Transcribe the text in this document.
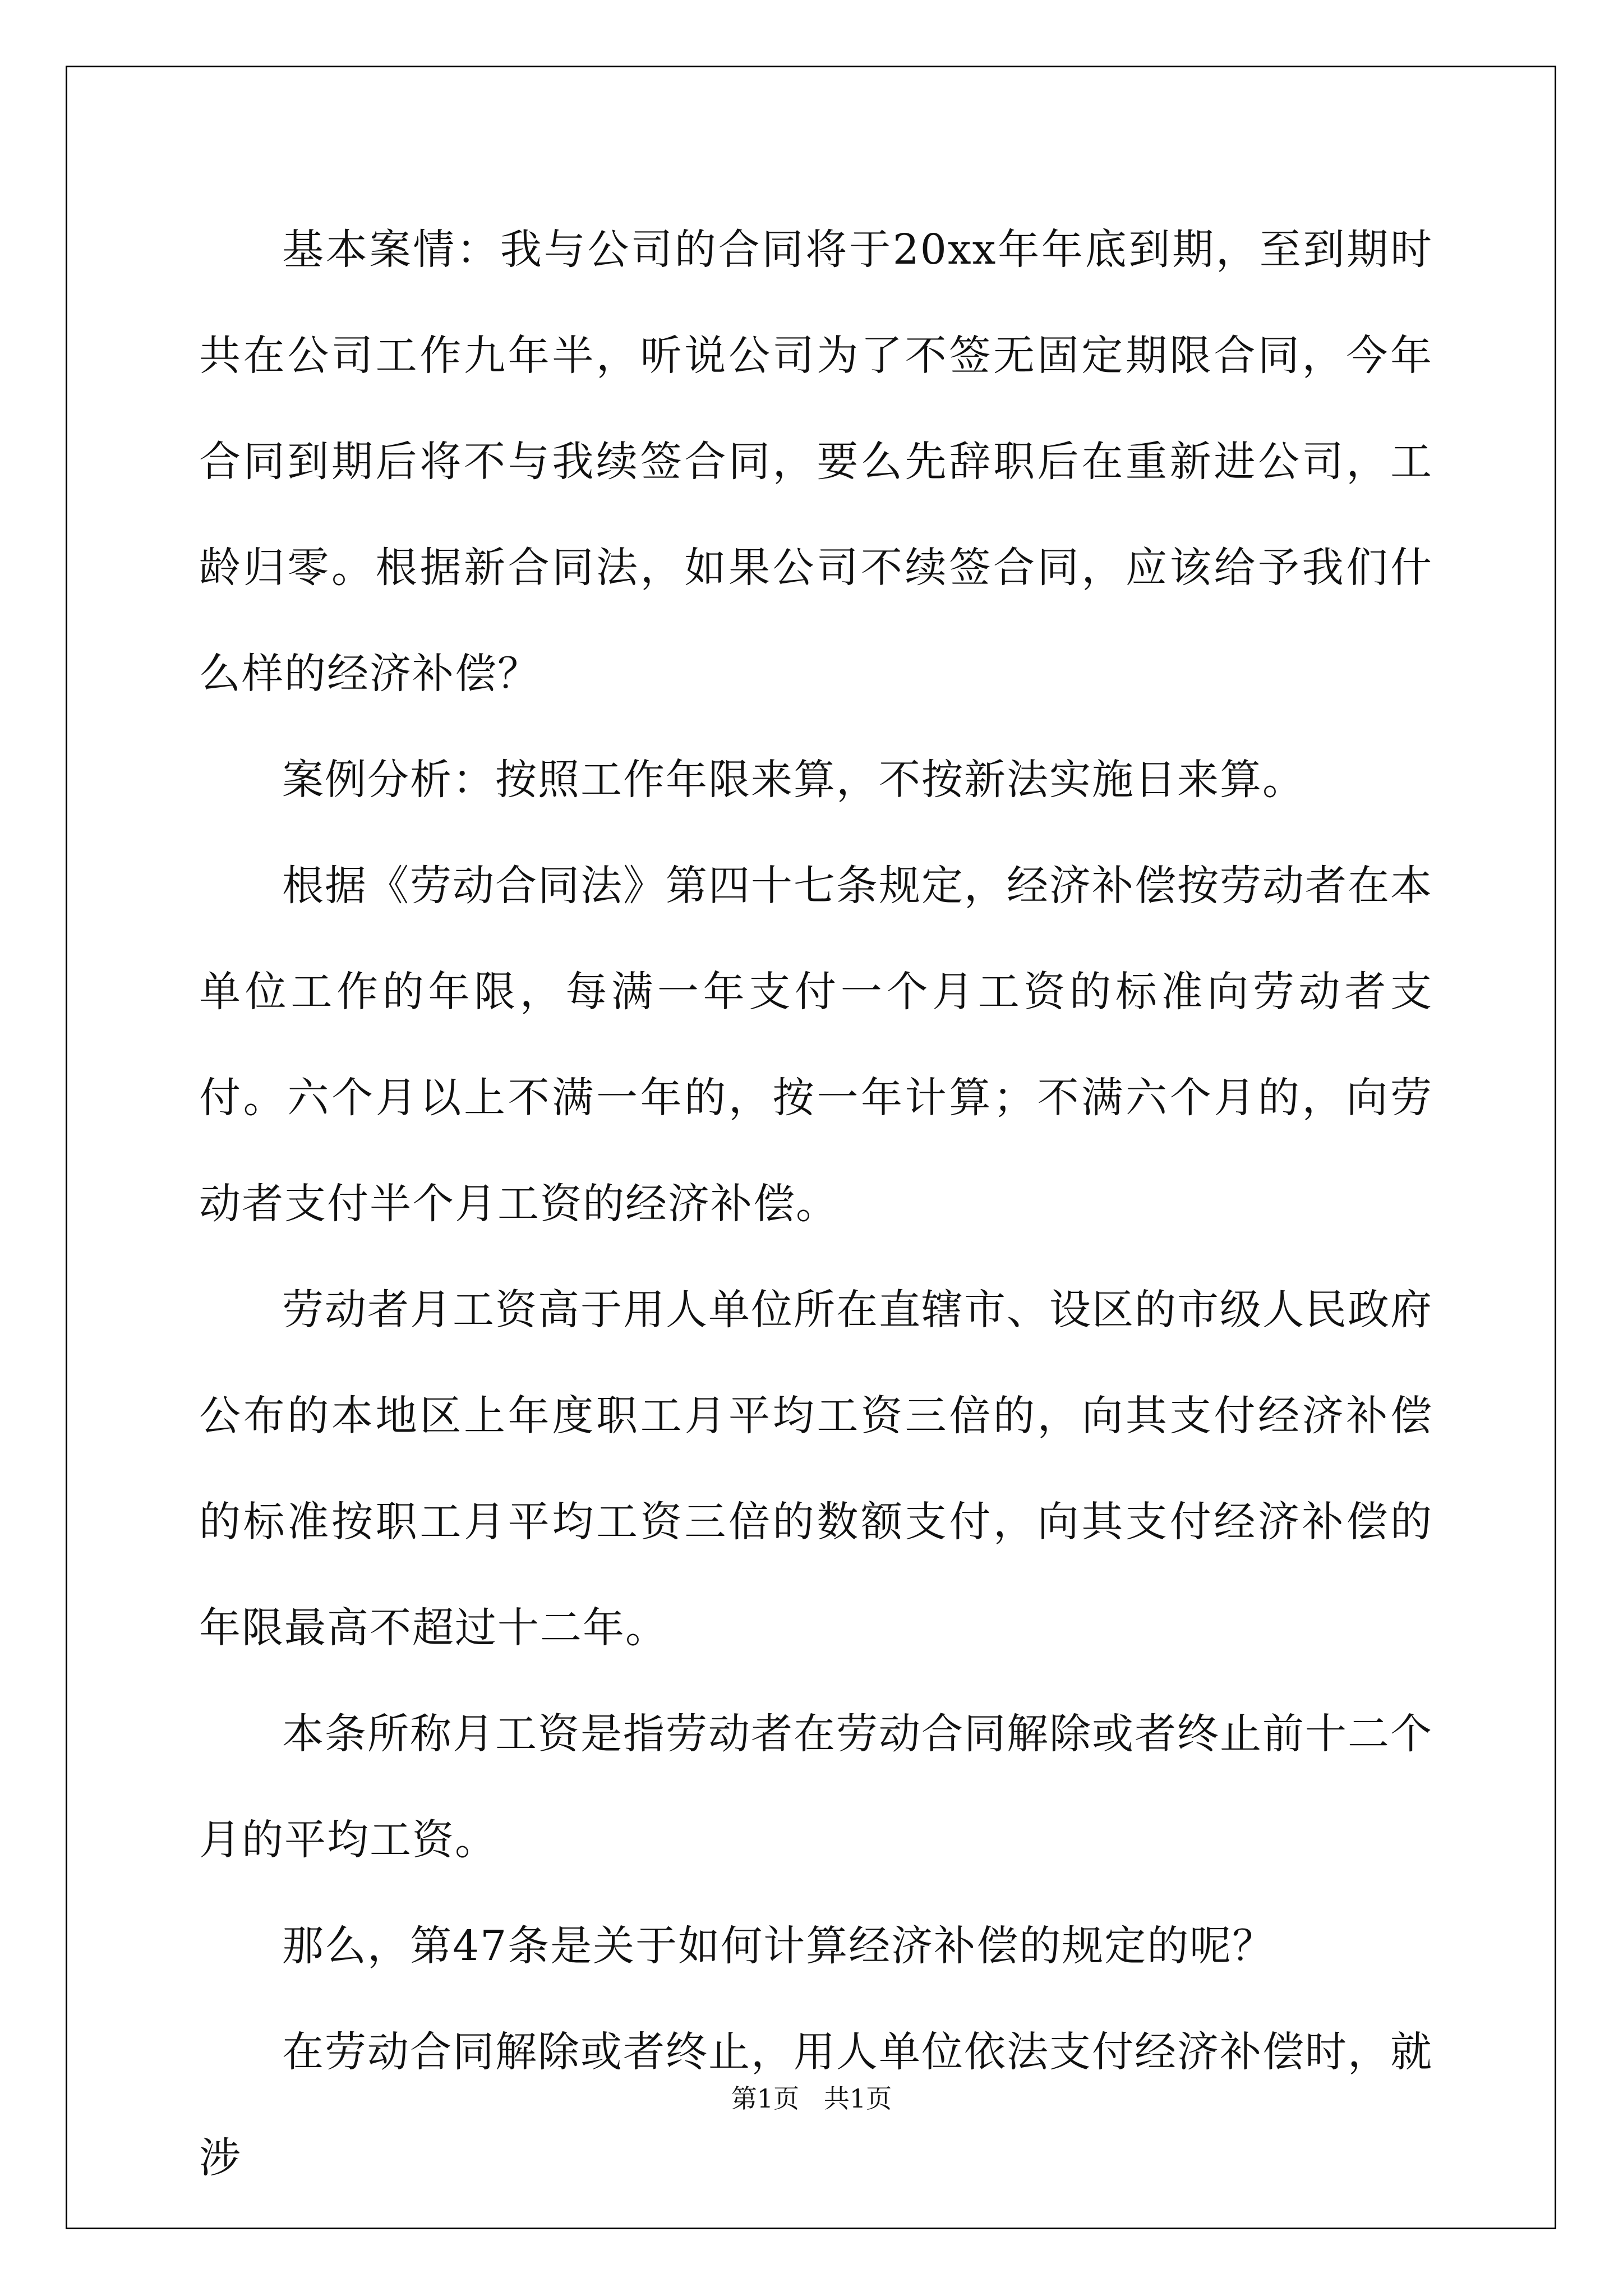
基本案情：我与公司的合同将于20xx年年底到期，至到期时共在公司工作九年半，听说公司为了不签无固定期限合同，今年合同到期后将不与我续签合同，要么先辞职后在重新进公司，工龄归零。根据新合同法，如果公司不续签合同，应该给予我们什么样的经济补偿？

案例分析：按照工作年限来算，不按新法实施日来算。

根据《劳动合同法》第四十七条规定，经济补偿按劳动者在本单位工作的年限，每满一年支付一个月工资的标准向劳动者支付。六个月以上不满一年的，按一年计算；不满六个月的，向劳动者支付半个月工资的经济补偿。

劳动者月工资高于用人单位所在直辖市、设区的市级人民政府公布的本地区上年度职工月平均工资三倍的，向其支付经济补偿的标准按职工月平均工资三倍的数额支付，向其支付经济补偿的年限最高不超过十二年。

本条所称月工资是指劳动者在劳动合同解除或者终止前十二个月的平均工资。

那么，第47条是关于如何计算经济补偿的规定的呢？

在劳动合同解除或者终止，用人单位依法支付经济补偿时，就涉

第1页   共1页
